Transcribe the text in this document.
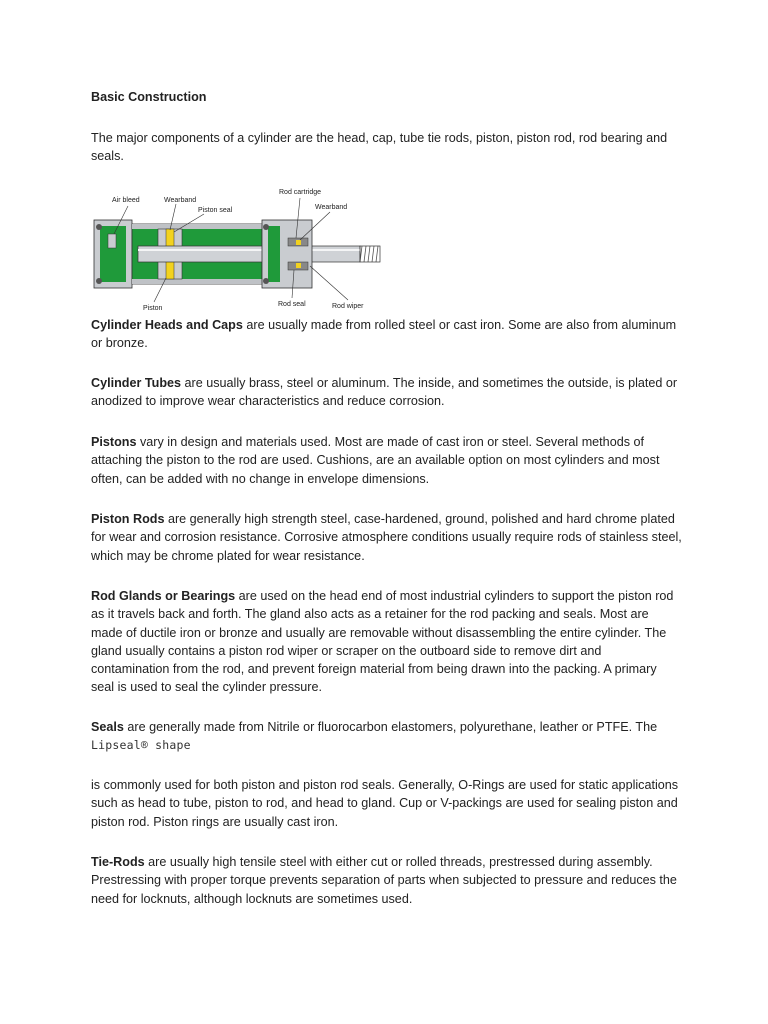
Basic Construction

The major components of a cylinder are the head, cap, tube tie rods, piston, piston rod, rod bearing and seals.

Air bleed	Wearband
Piston seal
Rod cartridge
Wearband
Piston
Rod seal	Rod wiper

Cylinder Heads and Caps are usually made from rolled steel or cast iron. Some are also from aluminum or bronze.

Cylinder Tubes are usually brass, steel or aluminum. The inside, and sometimes the outside, is plated or anodized to improve wear characteristics and reduce corrosion.

Pistons vary in design and materials used. Most are made of cast iron or steel. Several methods of attaching the piston to the rod are used. Cushions, are an available option on most cylinders and most often, can be added with no change in envelope dimensions.

Piston Rods are generally high strength steel, case-hardened, ground, polished and hard chrome plated for wear and corrosion resistance. Corrosive atmosphere conditions usually require rods of stainless steel, which may be chrome plated for wear resistance.

Rod Glands or Bearings are used on the head end of most industrial cylinders to support the piston rod as it travels back and forth. The gland also acts as a retainer for the rod packing and seals. Most are made of ductile iron or bronze and usually are removable without disassembling the entire cylinder. The gland usually contains a piston rod wiper or scraper on the outboard side to remove dirt and contamination from the rod, and prevent foreign material from being drawn into the packing. A primary seal is used to seal the cylinder pressure.

Seals are generally made from Nitrile or fluorocarbon elastomers, polyurethane, leather or PTFE. The
Lipseal® shape

is commonly used for both piston and piston rod seals. Generally, O-Rings are used for static applications such as head to tube, piston to rod, and head to gland. Cup or V-packings are used for sealing piston and piston rod. Piston rings are usually cast iron.

Tie-Rods are usually high tensile steel with either cut or rolled threads, prestressed during assembly. Prestressing with proper torque prevents separation of parts when subjected to pressure and reduces the need for locknuts, although locknuts are sometimes used.
